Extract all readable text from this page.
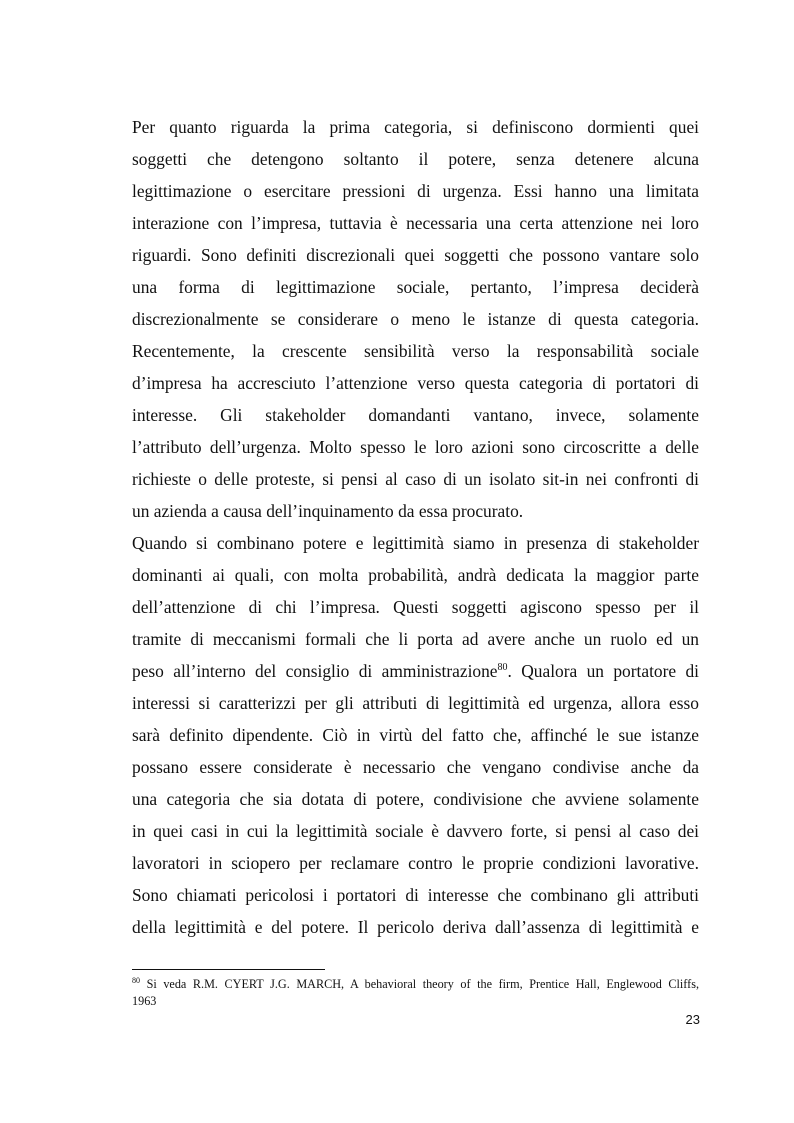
Per quanto riguarda la prima categoria, si definiscono dormienti quei
soggetti che detengono soltanto il potere, senza detenere alcuna
legittimazione o esercitare pressioni di urgenza. Essi hanno una limitata
interazione con l’impresa, tuttavia è necessaria una certa attenzione nei loro
riguardi. Sono definiti discrezionali quei soggetti che possono vantare solo
una forma di legittimazione sociale, pertanto, l’impresa deciderà
discrezionalmente se considerare o meno le istanze di questa categoria.
Recentemente, la crescente sensibilità verso la responsabilità sociale
d’impresa ha accresciuto l’attenzione verso questa categoria di portatori di
interesse. Gli stakeholder domandanti vantano, invece, solamente
l’attributo dell’urgenza. Molto spesso le loro azioni sono circoscritte a delle
richieste o delle proteste, si pensi al caso di un isolato sit-in nei confronti di
un azienda a causa dell’inquinamento da essa procurato.
Quando si combinano potere e legittimità siamo in presenza di stakeholder
dominanti ai quali, con molta probabilità, andrà dedicata la maggior parte
dell’attenzione di chi l’impresa. Questi soggetti agiscono spesso per il
tramite di meccanismi formali che li porta ad avere anche un ruolo ed un
peso all’interno del consiglio di amministrazione$^{80}$. Qualora un portatore di
interessi si caratterizzi per gli attributi di legittimità ed urgenza, allora esso
sarà definito dipendente. Ciò in virtù del fatto che, affinché le sue istanze
possano essere considerate è necessario che vengano condivise anche da
una categoria che sia dotata di potere, condivisione che avviene solamente
in quei casi in cui la legittimità sociale è davvero forte, si pensi al caso dei
lavoratori in sciopero per reclamare contro le proprie condizioni lavorative.
Sono chiamati pericolosi i portatori di interesse che combinano gli attributi
della legittimità e del potere. Il pericolo deriva dall’assenza di legittimità e
$^{80}$ Si veda R.M. CYERT J.G. MARCH, A behavioral theory of the firm, Prentice Hall, Englewood Cliffs,
1963
23
